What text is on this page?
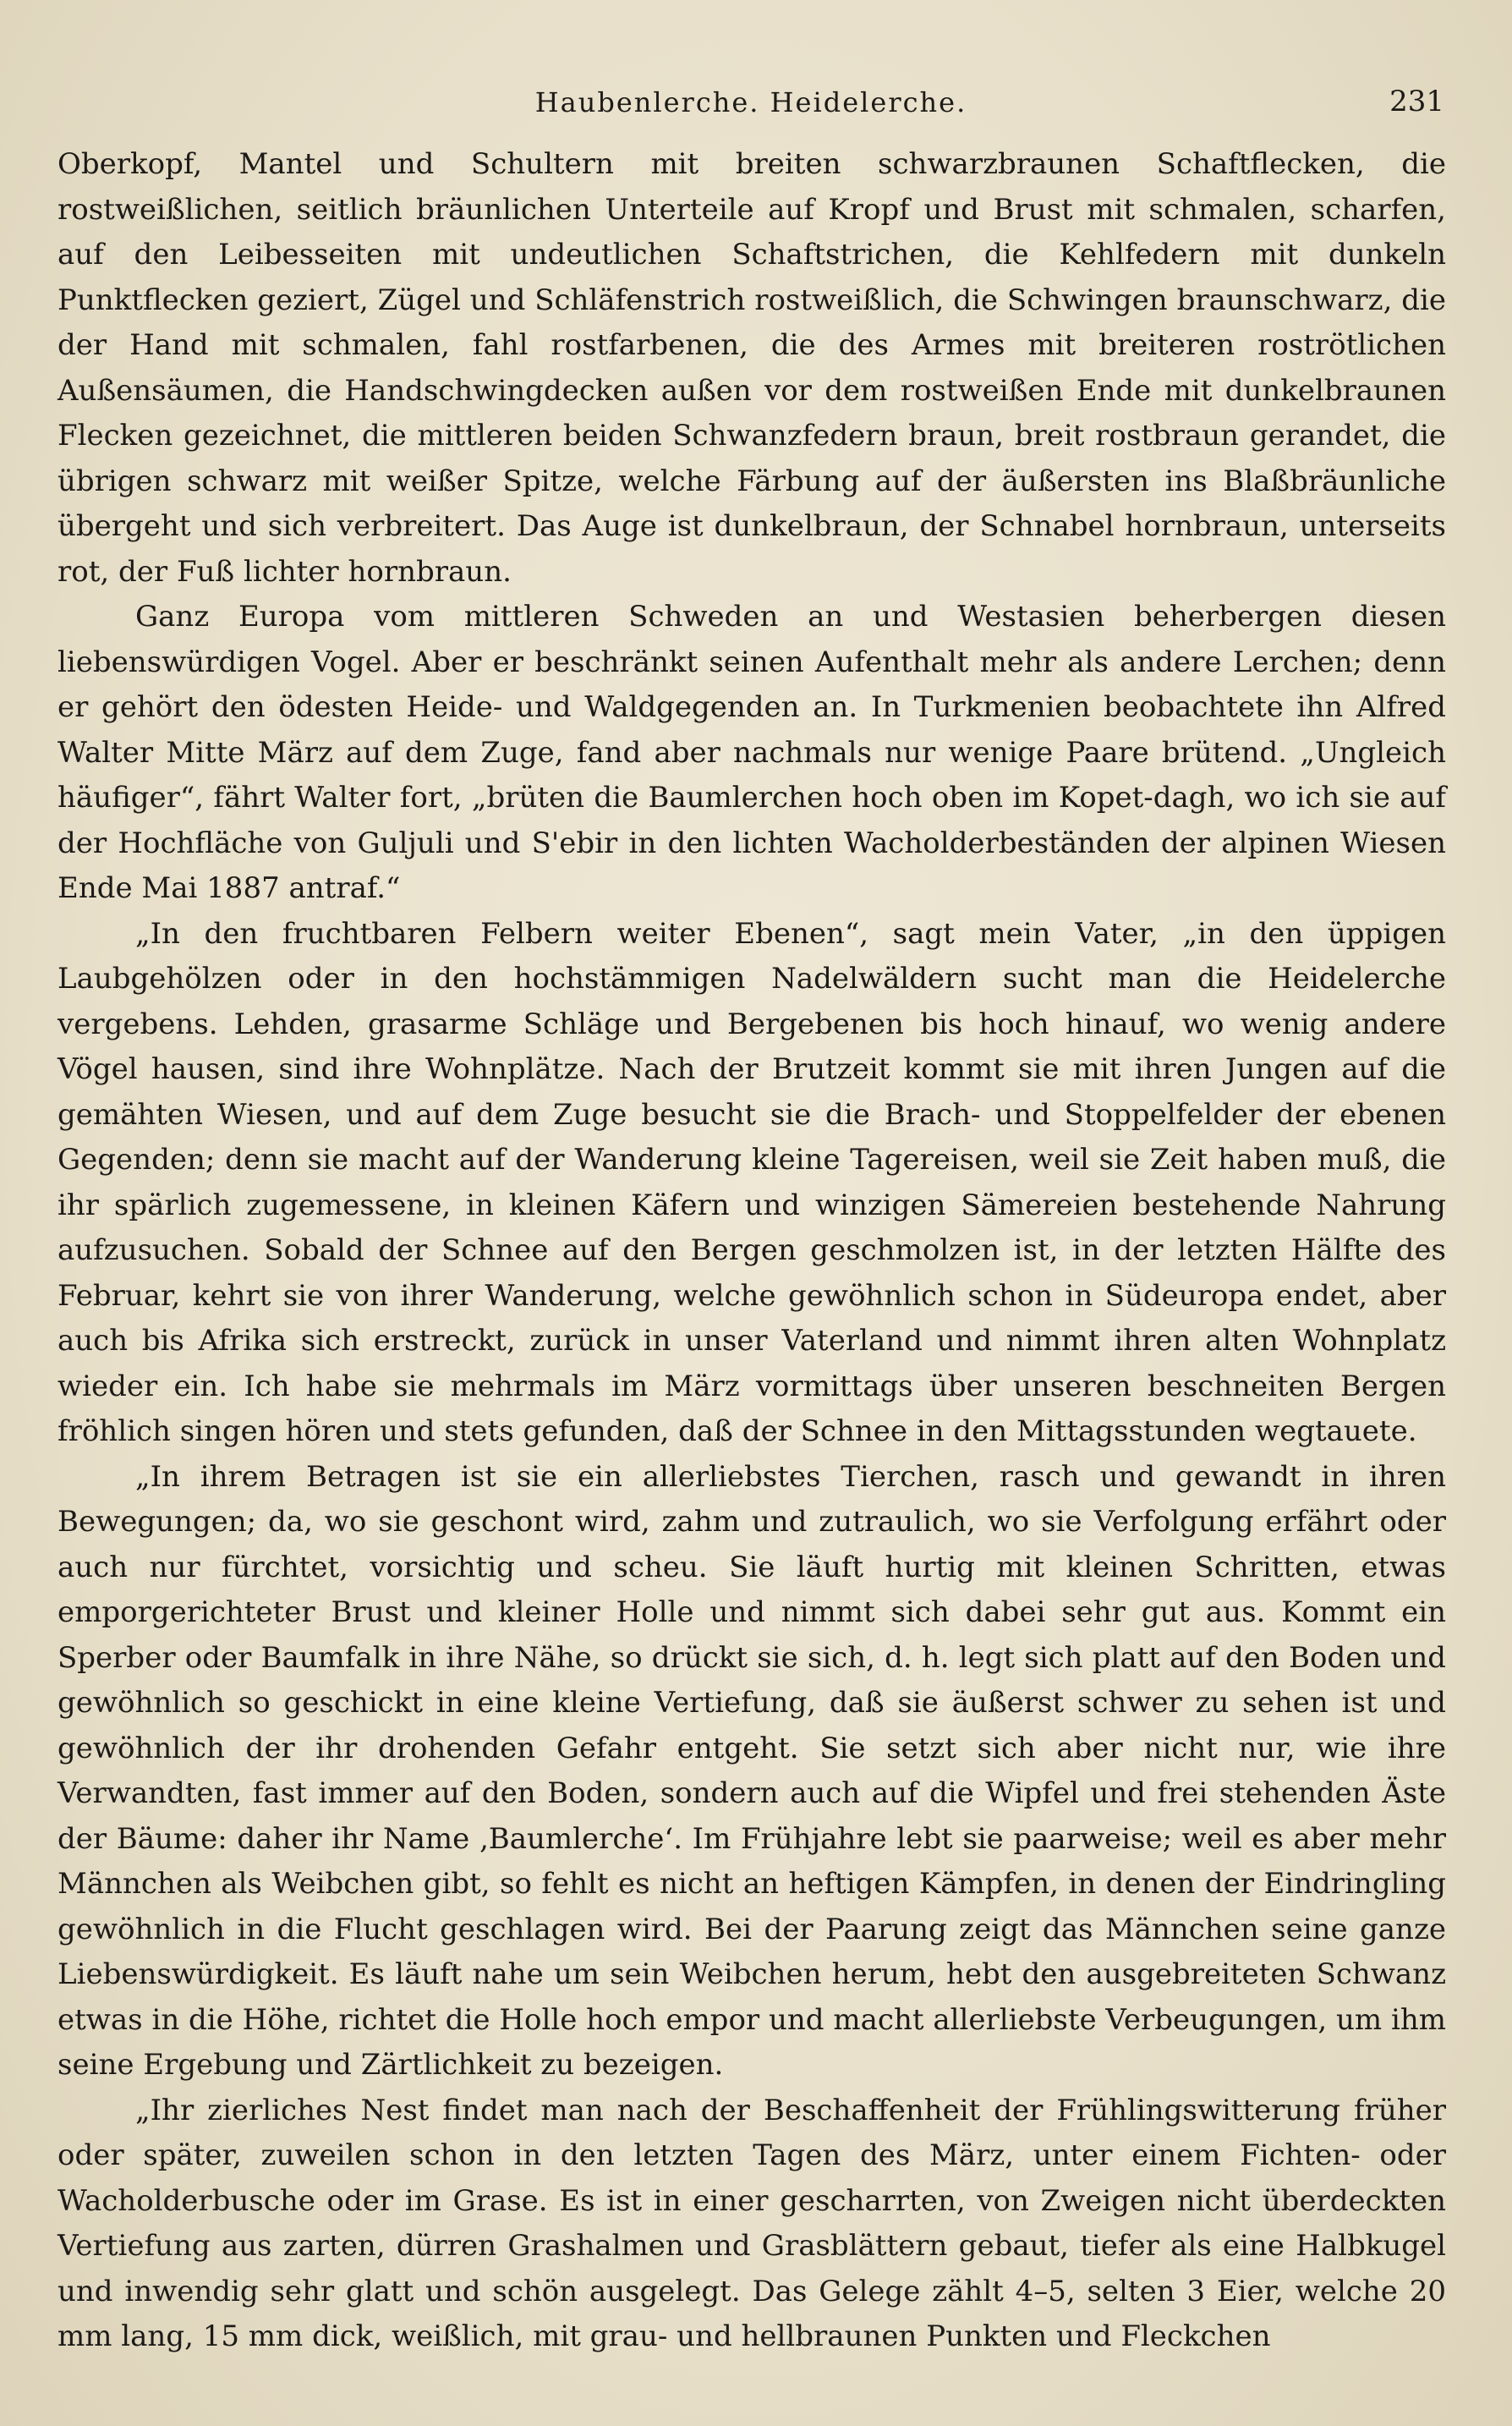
Haubenlerche. Heidelerche.	231

Oberkopf, Mantel und Schultern mit breiten schwarzbraunen Schaftflecken, die rostweißlichen, seitlich bräunlichen Unterteile auf Kropf und Brust mit schmalen, scharfen, auf den Leibesseiten mit undeutlichen Schaftstrichen, die Kehlfedern mit dunkeln Punktflecken geziert, Zügel und Schläfenstrich rostweißlich, die Schwingen braunschwarz, die der Hand mit schmalen, fahl rostfarbenen, die des Armes mit breiteren roströtlichen Außensäumen, die Handschwingdecken außen vor dem rostweißen Ende mit dunkelbraunen Flecken gezeichnet, die mittleren beiden Schwanzfedern braun, breit rostbraun gerandet, die übrigen schwarz mit weißer Spitze, welche Färbung auf der äußersten ins Blaßbräunliche übergeht und sich verbreitert. Das Auge ist dunkelbraun, der Schnabel hornbraun, unterseits rot, der Fuß lichter hornbraun.

Ganz Europa vom mittleren Schweden an und Westasien beherbergen diesen liebenswürdigen Vogel. Aber er beschränkt seinen Aufenthalt mehr als andere Lerchen; denn er gehört den ödesten Heide- und Waldgegenden an. In Turkmenien beobachtete ihn Alfred Walter Mitte März auf dem Zuge, fand aber nachmals nur wenige Paare brütend. „Ungleich häufiger“, fährt Walter fort, „brüten die Baumlerchen hoch oben im Kopet-dagh, wo ich sie auf der Hochfläche von Guljuli und S'ebir in den lichten Wacholderbeständen der alpinen Wiesen Ende Mai 1887 antraf.“

„In den fruchtbaren Felbern weiter Ebenen“, sagt mein Vater, „in den üppigen Laubgehölzen oder in den hochstämmigen Nadelwäldern sucht man die Heidelerche vergebens. Lehden, grasarme Schläge und Bergebenen bis hoch hinauf, wo wenig andere Vögel hausen, sind ihre Wohnplätze. Nach der Brutzeit kommt sie mit ihren Jungen auf die gemähten Wiesen, und auf dem Zuge besucht sie die Brach- und Stoppelfelder der ebenen Gegenden; denn sie macht auf der Wanderung kleine Tagereisen, weil sie Zeit haben muß, die ihr spärlich zugemessene, in kleinen Käfern und winzigen Sämereien bestehende Nahrung aufzusuchen. Sobald der Schnee auf den Bergen geschmolzen ist, in der letzten Hälfte des Februar, kehrt sie von ihrer Wanderung, welche gewöhnlich schon in Südeuropa endet, aber auch bis Afrika sich erstreckt, zurück in unser Vaterland und nimmt ihren alten Wohnplatz wieder ein. Ich habe sie mehrmals im März vormittags über unseren beschneiten Bergen fröhlich singen hören und stets gefunden, daß der Schnee in den Mittagsstunden wegtauete.

„In ihrem Betragen ist sie ein allerliebstes Tierchen, rasch und gewandt in ihren Bewegungen; da, wo sie geschont wird, zahm und zutraulich, wo sie Verfolgung erfährt oder auch nur fürchtet, vorsichtig und scheu. Sie läuft hurtig mit kleinen Schritten, etwas emporgerichteter Brust und kleiner Holle und nimmt sich dabei sehr gut aus. Kommt ein Sperber oder Baumfalk in ihre Nähe, so drückt sie sich, d. h. legt sich platt auf den Boden und gewöhnlich so geschickt in eine kleine Vertiefung, daß sie äußerst schwer zu sehen ist und gewöhnlich der ihr drohenden Gefahr entgeht. Sie setzt sich aber nicht nur, wie ihre Verwandten, fast immer auf den Boden, sondern auch auf die Wipfel und frei stehenden Äste der Bäume: daher ihr Name ‚Baumlerche‘. Im Frühjahre lebt sie paarweise; weil es aber mehr Männchen als Weibchen gibt, so fehlt es nicht an heftigen Kämpfen, in denen der Eindringling gewöhnlich in die Flucht geschlagen wird. Bei der Paarung zeigt das Männchen seine ganze Liebenswürdigkeit. Es läuft nahe um sein Weibchen herum, hebt den ausgebreiteten Schwanz etwas in die Höhe, richtet die Holle hoch empor und macht allerliebste Verbeugungen, um ihm seine Ergebung und Zärtlichkeit zu bezeigen.

„Ihr zierliches Nest findet man nach der Beschaffenheit der Frühlingswitterung früher oder später, zuweilen schon in den letzten Tagen des März, unter einem Fichten- oder Wacholderbusche oder im Grase. Es ist in einer gescharrten, von Zweigen nicht überdeckten Vertiefung aus zarten, dürren Grashalmen und Grasblättern gebaut, tiefer als eine Halbkugel und inwendig sehr glatt und schön ausgelegt. Das Gelege zählt 4–5, selten 3 Eier, welche 20 mm lang, 15 mm dick, weißlich, mit grau- und hellbraunen Punkten und Fleckchen
